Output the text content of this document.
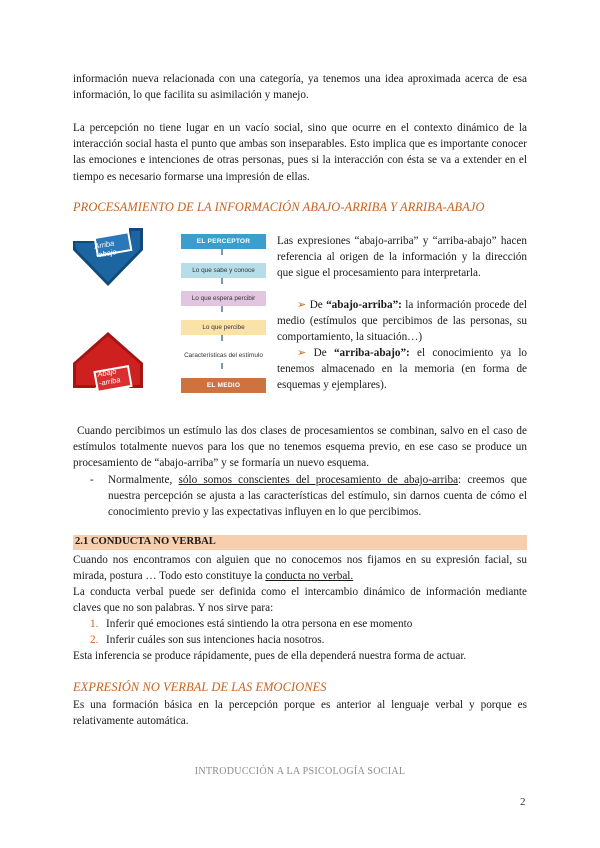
información nueva relacionada con una categoría, ya tenemos una idea aproximada acerca de esa información, lo que facilita su asimilación y manejo.

La percepción no tiene lugar en un vacío social, sino que ocurre en el contexto dinámico de la interacción social hasta el punto que ambas son inseparables. Esto implica que es importante conocer las emociones e intenciones de otras personas, pues si la interacción con ésta se va a extender en el tiempo es necesario formarse una impresión de ellas.

PROCESAMIENTO DE LA INFORMACIÓN ABAJO-ARRIBA Y ARRIBA-ABAJO

Arriba
-abajo
Abajo
-arriba
EL PERCEPTOR
Lo que sabe y conoce
Lo que espera percibir
Lo que percibe
Características del estímulo
EL MEDIO

Las expresiones “abajo-arriba” y “arriba-abajo” hacen referencia al origen de la información y la dirección que sigue el procesamiento para interpretarla.

➢ De “abajo-arriba”: la información procede del medio (estímulos que percibimos de las personas, su comportamiento, la situación…)

➢ De “arriba-abajo”: el conocimiento ya lo tenemos almacenado en la memoria (en forma de esquemas y ejemplares).

Cuando percibimos un estímulo las dos clases de procesamientos se combinan, salvo en el caso de estímulos totalmente nuevos para los que no tenemos esquema previo, en ese caso se produce un procesamiento de “abajo-arriba” y se formaría un nuevo esquema.

-	Normalmente, sólo somos conscientes del procesamiento de abajo-arriba: creemos que nuestra percepción se ajusta a las características del estímulo, sin darnos cuenta de cómo el conocimiento previo y las expectativas influyen en lo que percibimos.
2.1 CONDUCTA NO VERBAL

Cuando nos encontramos con alguien que no conocemos nos fijamos en su expresión facial, su mirada, postura … Todo esto constituye la conducta no verbal.

La conducta verbal puede ser definida como el intercambio dinámico de información mediante claves que no son palabras. Y nos sirve para:

1. Inferir qué emociones está sintiendo la otra persona en ese momento
2. Inferir cuáles son sus intenciones hacia nosotros.

Esta inferencia se produce rápidamente, pues de ella dependerá nuestra forma de actuar.

EXPRESIÓN NO VERBAL DE LAS EMOCIONES

Es una formación básica en la percepción porque es anterior al lenguaje verbal y porque es relativamente automática.

INTRODUCCIÓN A LA PSICOLOGÍA SOCIAL
2
